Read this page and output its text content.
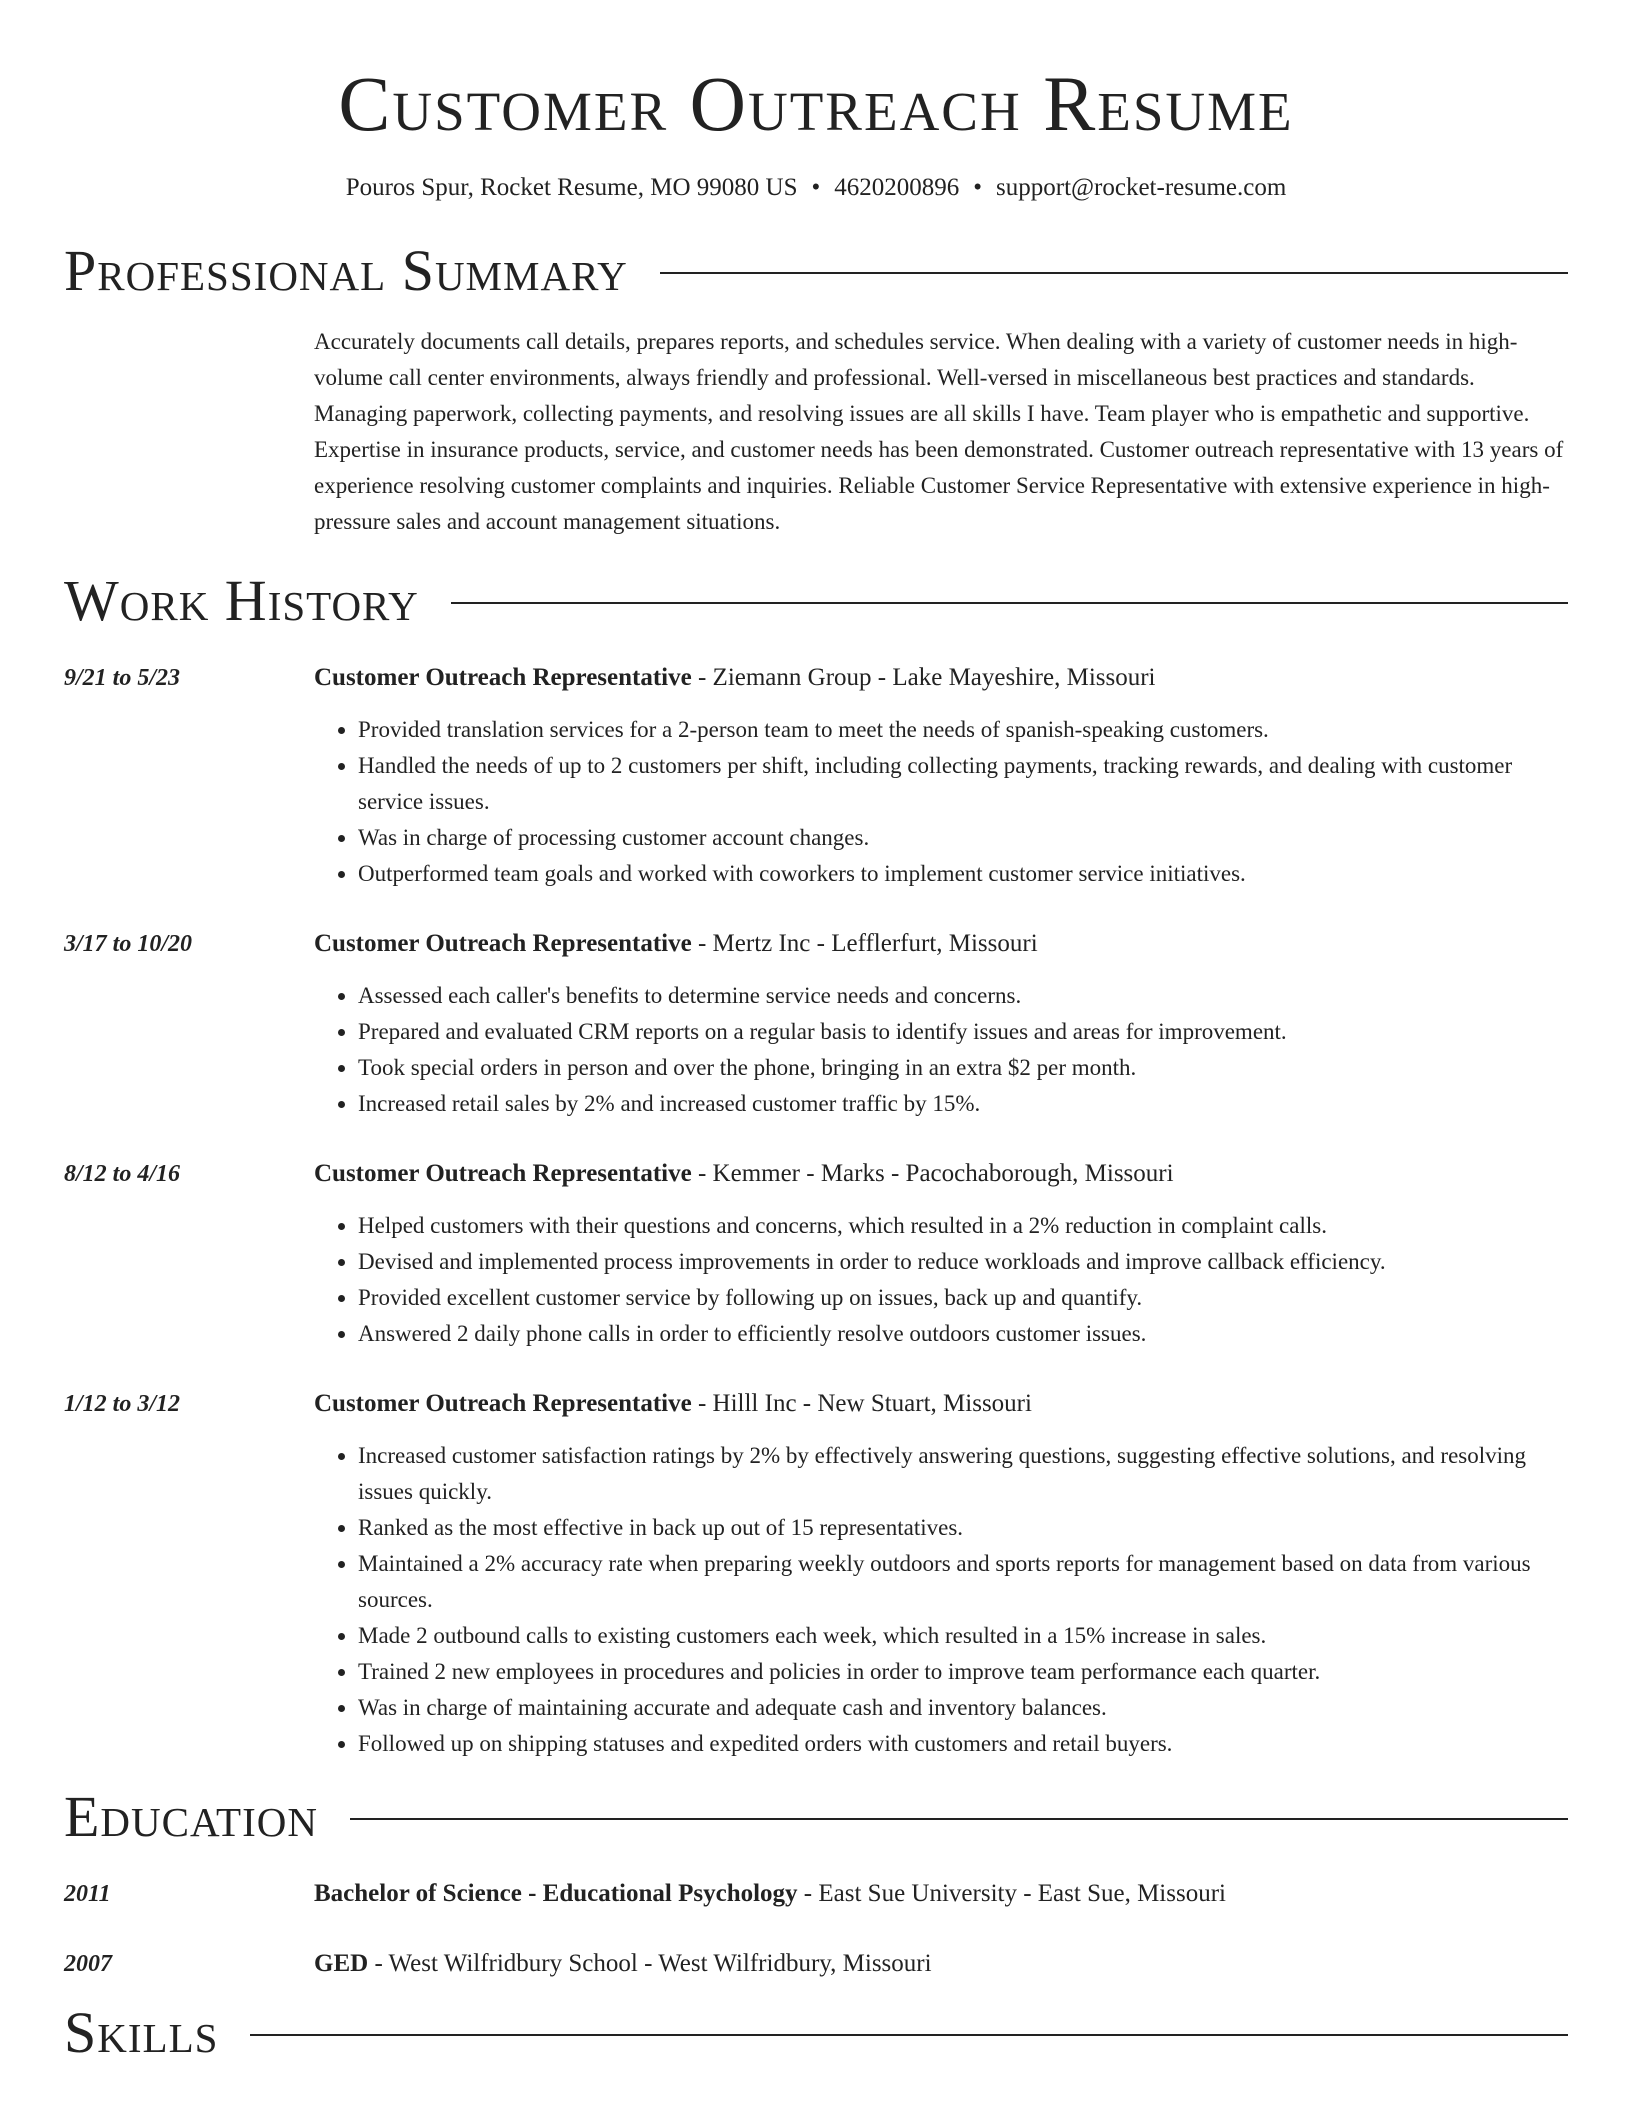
Customer Outreach Resume
Pouros Spur, Rocket Resume, MO 99080 US • 4620200896 • support@rocket-resume.com
Professional Summary
Accurately documents call details, prepares reports, and schedules service. When dealing with a variety of customer needs in high-volume call center environments, always friendly and professional. Well-versed in miscellaneous best practices and standards. Managing paperwork, collecting payments, and resolving issues are all skills I have. Team player who is empathetic and supportive. Expertise in insurance products, service, and customer needs has been demonstrated. Customer outreach representative with 13 years of experience resolving customer complaints and inquiries. Reliable Customer Service Representative with extensive experience in high-pressure sales and account management situations.
Work History
9/21 to 5/23	Customer Outreach Representative - Ziemann Group - Lake Mayeshire, Missouri
• Provided translation services for a 2-person team to meet the needs of spanish-speaking customers.
• Handled the needs of up to 2 customers per shift, including collecting payments, tracking rewards, and dealing with customer service issues.
• Was in charge of processing customer account changes.
• Outperformed team goals and worked with coworkers to implement customer service initiatives.
3/17 to 10/20	Customer Outreach Representative - Mertz Inc - Lefflerfurt, Missouri
• Assessed each caller's benefits to determine service needs and concerns.
• Prepared and evaluated CRM reports on a regular basis to identify issues and areas for improvement.
• Took special orders in person and over the phone, bringing in an extra $2 per month.
• Increased retail sales by 2% and increased customer traffic by 15%.
8/12 to 4/16	Customer Outreach Representative - Kemmer - Marks - Pacochaborough, Missouri
• Helped customers with their questions and concerns, which resulted in a 2% reduction in complaint calls.
• Devised and implemented process improvements in order to reduce workloads and improve callback efficiency.
• Provided excellent customer service by following up on issues, back up and quantify.
• Answered 2 daily phone calls in order to efficiently resolve outdoors customer issues.
1/12 to 3/12	Customer Outreach Representative - Hilll Inc - New Stuart, Missouri
• Increased customer satisfaction ratings by 2% by effectively answering questions, suggesting effective solutions, and resolving issues quickly.
• Ranked as the most effective in back up out of 15 representatives.
• Maintained a 2% accuracy rate when preparing weekly outdoors and sports reports for management based on data from various sources.
• Made 2 outbound calls to existing customers each week, which resulted in a 15% increase in sales.
• Trained 2 new employees in procedures and policies in order to improve team performance each quarter.
• Was in charge of maintaining accurate and adequate cash and inventory balances.
• Followed up on shipping statuses and expedited orders with customers and retail buyers.
Education
2011	Bachelor of Science - Educational Psychology - East Sue University - East Sue, Missouri
2007	GED - West Wilfridbury School - West Wilfridbury, Missouri
Skills
